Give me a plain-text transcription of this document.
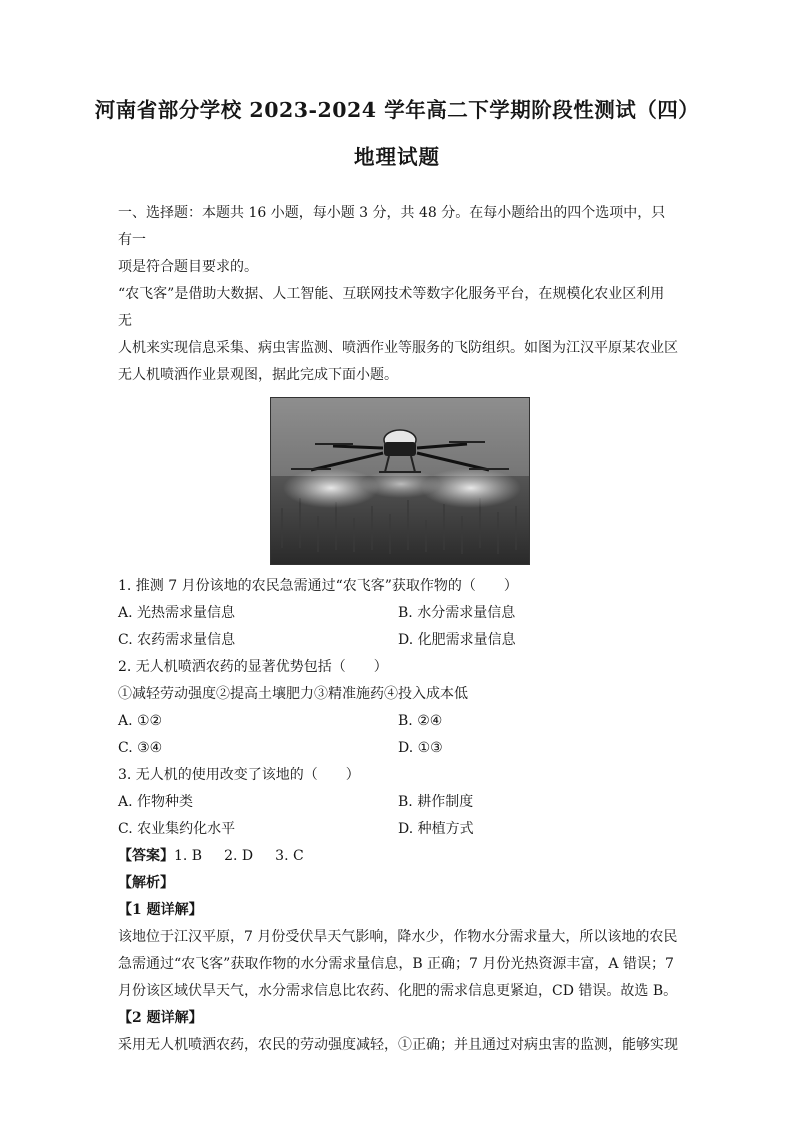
河南省部分学校 2023-2024 学年高二下学期阶段性测试（四）
地理试题

一、选择题：本题共 16 小题，每小题 3 分，共 48 分。在每小题给出的四个选项中，只有一

项是符合题目要求的。

“农飞客”是借助大数据、人工智能、互联网技术等数字化服务平台，在规模化农业区利用无

人机来实现信息采集、病虫害监测、喷洒作业等服务的飞防组织。如图为江汉平原某农业区

无人机喷洒作业景观图，据此完成下面小题。

1. 推测 7 月份该地的农民急需通过“农飞客”获取作物的（　　）

A. 光热需求量信息	B. 水分需求量信息
C. 农药需求量信息	D. 化肥需求量信息

2. 无人机喷洒农药的显著优势包括（　　）

①减轻劳动强度②提高土壤肥力③精准施药④投入成本低

A. ①②	B. ②④
C. ③④	D. ①③

3. 无人机的使用改变了该地的（　　）

A. 作物种类	B. 耕作制度
C. 农业集约化水平	D. 种植方式

【答案】1. B 2. D 3. C

【解析】

【1 题详解】

该地位于江汉平原，7 月份受伏旱天气影响，降水少，作物水分需求量大，所以该地的农民

急需通过“农飞客”获取作物的水分需求量信息，B 正确；7 月份光热资源丰富，A 错误；7

月份该区域伏旱天气，水分需求信息比农药、化肥的需求信息更紧迫，CD 错误。故选 B。

【2 题详解】

采用无人机喷洒农药，农民的劳动强度减轻，①正确；并且通过对病虫害的监测，能够实现
